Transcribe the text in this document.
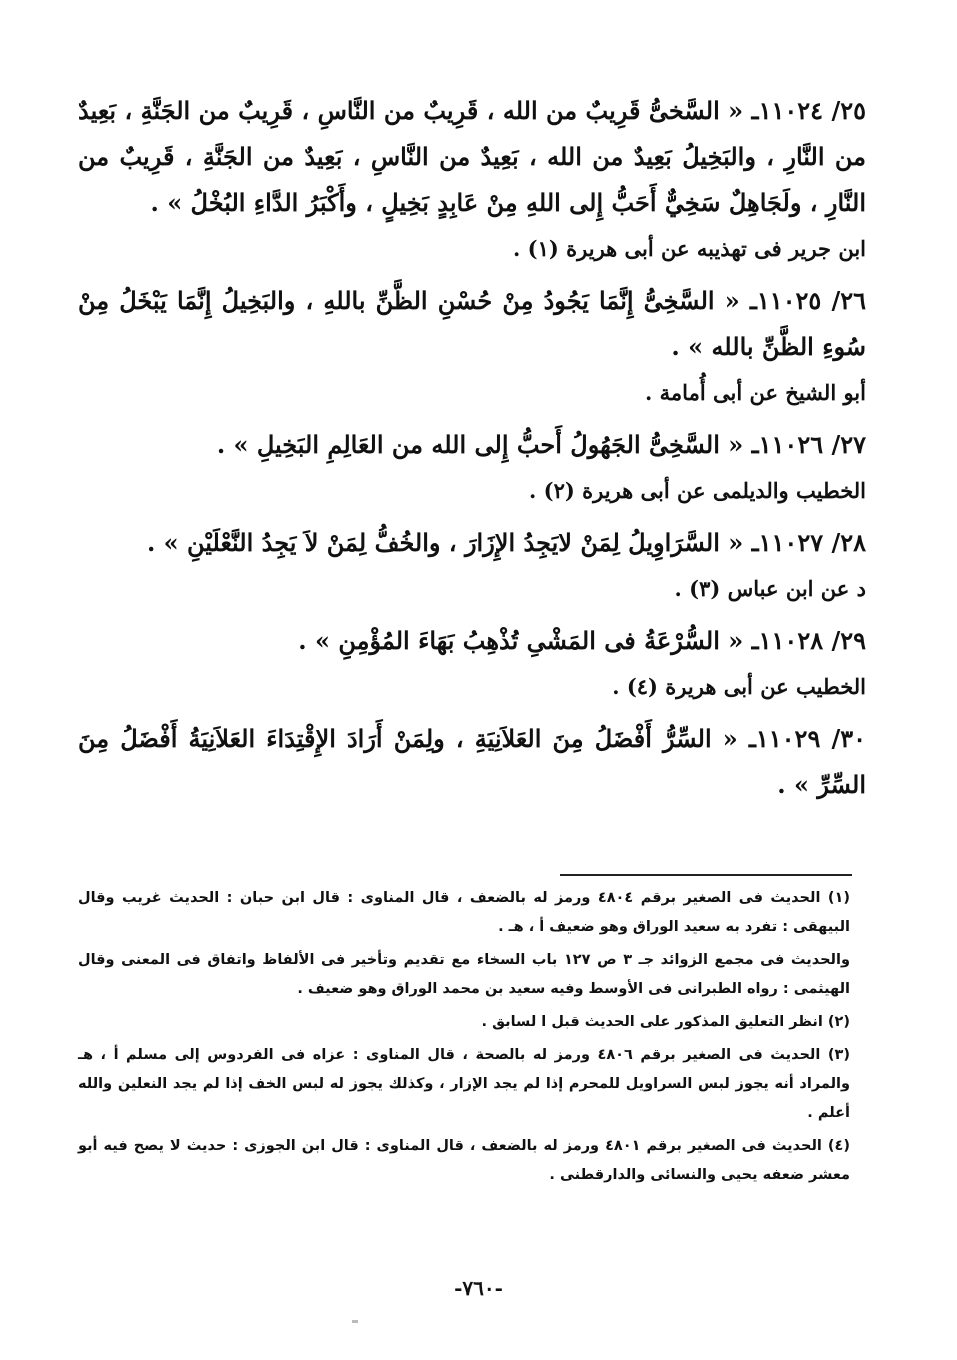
٢٥/ ١١٠٢٤ـ « السَّخىُّ قَرِيبٌ من الله ، قَرِيبٌ من النَّاسِ ، قَرِيبٌ من الجَنَّةِ ، بَعِيدٌ من النَّارِ ، والبَخِيلُ بَعِيدٌ من الله ، بَعِيدٌ من النَّاسِ ، بَعِيدٌ من الجَنَّةِ ، قَرِيبٌ من النَّارِ ، ولَجَاهِلٌ سَخِيٌّ أَحَبُّ إِلى اللهِ مِنْ عَابِدٍ بَخِيلٍ ، وأَكْبَرُ الدَّاءِ البُخْلُ » .

ابن جرير فى تهذيبه عن أبى هريرة (١) .

٢٦/ ١١٠٢٥ـ « السَّخِىُّ إِنَّمَا يَجُودُ مِنْ حُسْنِ الظَّنِّ باللهِ ، والبَخِيلُ إِنَّمَا يَبْخَلُ مِنْ سُوءِ الظَّنِّ بالله » .

أبو الشيخ عن أبى أُمامة .

٢٧/ ١١٠٢٦ـ « السَّخِىُّ الجَهُولُ أَحبُّ إِلى الله من العَالِمِ البَخِيلِ » .

الخطيب والديلمى عن أبى هريرة (٢) .

٢٨/ ١١٠٢٧ـ « السَّرَاوِيلُ لِمَنْ لايَجِدُ الإِزَارَ ، والخُفُّ لِمَنْ لاَ يَجِدُ النَّعْلَيْنِ » .

د عن ابن عباس (٣) .

٢٩/ ١١٠٢٨ـ « السُّرْعَةُ فى المَشْىِ تُذْهِبُ بَهَاءَ المُؤْمِنِ » .

الخطيب عن أبى هريرة (٤) .

٣٠/ ١١٠٢٩ـ « السِّرُّ أَفْضَلُ مِنَ العَلاَنِيَةِ ، ولِمَنْ أَرَادَ الإِقْتِدَاءَ العَلاَنِيَةُ أَفْضَلُ مِنَ السِّرِّ » .

(١) الحديث فى الصغير برقم ٤٨٠٤ ورمز له بالضعف ، قال المناوى : قال ابن حبان : الحديث غريب وقال البيهقى : تفرد به سعيد الوراق وهو ضعيف أ ، هـ .

والحديث فى مجمع الزوائد جـ ٣ ص ١٢٧ باب السخاء مع تقديم وتأخير فى الألفاظ واتفاق فى المعنى وقال الهيثمى : رواه الطبرانى فى الأوسط وفيه سعيد بن محمد الوراق وهو ضعيف .

(٢) انظر التعليق المذكور على الحديث قبل ا لسابق .

(٣) الحديث فى الصغير برقم ٤٨٠٦ ورمز له بالصحة ، قال المناوى : عزاه فى الفردوس إلى مسلم أ ، هـ والمراد أنه يجوز لبس السراويل للمحرم إذا لم يجد الإزار ، وكذلك يجوز له لبس الخف إذا لم يجد النعلين والله أعلم .

(٤) الحديث فى الصغير برقم ٤٨٠١ ورمز له بالضعف ، قال المناوى : قال ابن الجوزى : حديث لا يصح فيه أبو معشر ضعفه يحيى والنسائى والدارقطنى .

-٧٦٠-
